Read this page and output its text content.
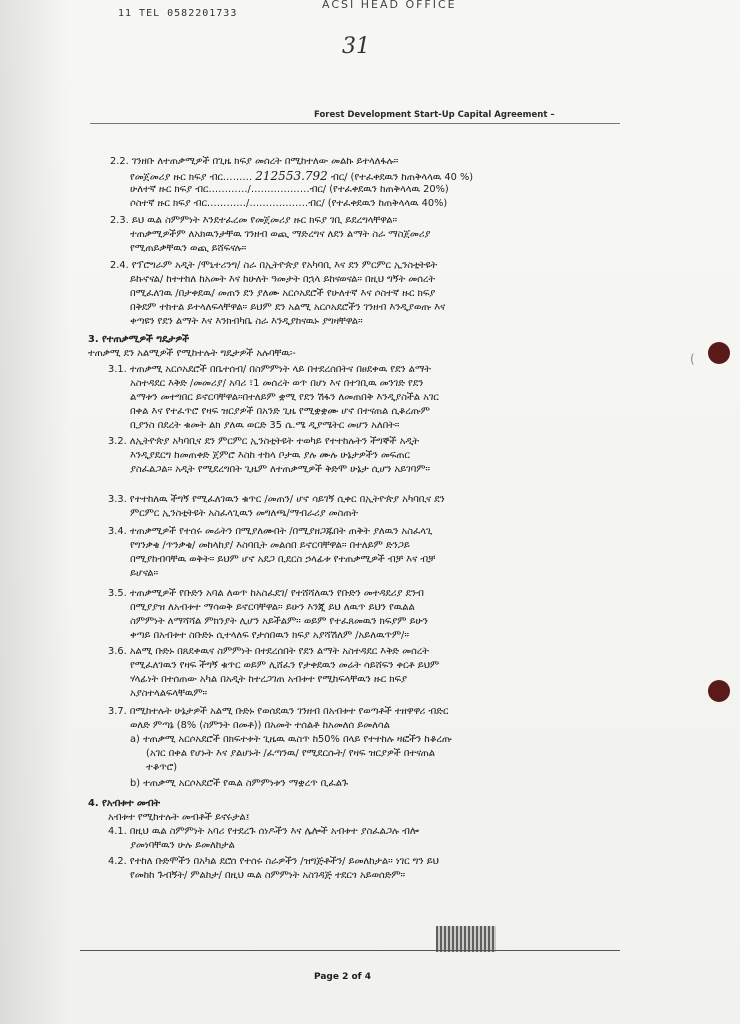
11 TEL 0582201733
ACSI HEAD OFFICE
31
Forest Development Start-Up Capital Agreement –
(
2.2. ገንዘቡ ለተጠቃሚዎች በጊዜ ክፍያ መሰረት በሚከተለው መልኩ ይተላለፋሉ።
የመጀመሪያ ዙር ክፍያ ብር……… 212553.792 ብር/ (የተፈቀደዉን ከጠቅላላዉ 40 %)
ሁለተኛ ዙር ክፍያ ብር…………/………………ብር/ (የተፈቀደዉን ከጠቅላላዉ 20%)
ሶስተኛ ዙር ክፍያ ብር…………/………………ብር/ (የተፈቀደዉን ከጠቅላላዉ 40%)
2.3. ይህ ዉል ስምምነት እንደተፈረመ የመጀመሪያ ዙር ክፍያ ገቢ ይደረግላቸዋል።
ተጠቃሚዎችም ለአክዉንታቸዉ ገንዘብ ወጪ ማድረግና ለደን ልማት ስራ ማስጀመሪያ
የሚጠይቃቸዉን ወጪ ይሸፍናሉ።
2.4. የፕሮግራም አዲት /ሞኒተሪንግ/ ስራ በኢትዮጵያ የአካባቢ እና ደን ምርምር ኢንስቲትዩት
ይኩኖናል/ ከተተከለ ከአመት እና ከሁለት ዓመታት በኋላ ይከናወናል። በዚህ ግኝት መሰረት
በሚፈለገዉ /በታቀደዉ/ መጠን ደን ያለሙ አርሶአደሮች የሁለተኛ እና ሶስተኛ ዙር ክፍያ
በቅደም ተከተል ይተላለፍላቸዋል። ይህም ደን አልሚ አርሶአደሮችን ገንዘብ እንዲያወጡ እና
ቀጣዩን የደን ልማት እና እንክብካቤ ስራ እንዲያከናዉኑ ያግዛቸዋል።
3. የተጠቃሚዎች ግዴታዎች
ተጠቃሚ ደን አልሚዎች የሚከተሉት ግዴታዎች አሉባቸዉ፡-
3.1. ተጠቃሚ አርሶአደሮች በቤተሰብ/ በስምምነት ላይ በተደረሰበትና በፀደቀዉ የደን ልማት
አስተዳደር እቅድ /መመሪያ/ አባሪ ፣1 መሰረት ወጥ በሆነ እና በተገቢዉ መንገድ የደን
ልማቱን መተግበር ይኖርባቸዋል።በተለይም ቋሚ የደን ሽፋን ለመጠበቅ እንዲያስችል አገር
በቀል እና የተፈጥሮ የዛፍ ዝርያዎች በአንድ ጊዜ የሚቋቋሙ ሆኖ በተናጠል ሲቆረጡም
ቢያንስ በደረት ቁመት ልክ ያለዉ ወርድ 35 ሴ.ሜ ዲያሜትር መሆን አለበት።
3.2. ለኢትዮጵያ አካባቢና ደን ምርምር ኢንስቲትዩት ተወካይ የተተከሉትን ችግኞች አዲት
እንዲያደርግ ከመጠቀድ ጀምሮ እስከ ተከላ ቦታዉ ያሉ ሙሉ ሁኔታዎችን መፍጠር
ያስፈልጋል። አዲት የሚደረግበት ጊዜም ለተጠቃሚዎች ቅድሞ ሁኔታ ሲሆን አይገባም።
3.3. የተተከለዉ ችግኝ የሚፈለገዉን ቁጥር /መጠን/ ሆኖ ሳይገኝ ሲቀር በኢትዮጵያ አካባቢና ደን
ምርምር ኢንስቲትዩት አስፈላጊዉን መግለጫ/ማብራሪያ መስጠት
3.4. ተጠቃሚዎች የተሰሩ መሬትን በሚያለሙበት /በሚያዘጋጁበት ጠቅት ያለዉን አስፈላጊ
የግንቃቄ /ጥንቃቄ/ መከላከያ/ እስባቢት መልሰበ ይኖርባቸዋል። በተለይም ድንጋይ
በሚያከብባቸዉ ወቅት። ይህም ሆኖ አደጋ ቢደርስ ኃላፊቱ የተጠቃሚዎች ብቻ እና ብቻ
ይሆናል።
3.5. ተጠቃሚዎች የቡድን አባል ለወጥ ከአስፈደገ/ የተሸሻለዉን የቡድን መተዳደሪያ ደንብ
በሚያያዝ ለአብቱተ ማሳወቅ ይኖርባቸዋል። ይሁን እንጂ ይህ ለዉጥ ይህን የዉልል
ስምምነት ለማሻሻል ምክንያት ሊሆን አይችልም። ወይም የተፈጸመዉን ክፍያም ይሁን
ቀጣይ በአብቱተ ስቡድኑ ሲተላለፍ የታሰበዉን ክፍያ አያሻሽለም /አይለዉጥም/።
3.6. አልሚ ቡድኑ በጸደቀዉና ስምምነት በተደረሰበት የደን ልማት አስተዳደር እቅድ መሰረት
የሚፈለገዉን የዛፍ ችግኝ ቁጥር ወይም ሊሸፈን የታቀደዉን መሬት ሳይሸፍን ቀርቶ ይህም
ሃላፊነት በተሰጠው አካል በአዲት ከተረጋገጠ አብቱተ የሚከፍላቸዉን ዙር ክፍያ
አያስተላልፍላቸዉም።
3.7. በሚከተሉት ሁኔታዎች አልሚ ቡድኑ የወሰደዉን ገንዘብ በአብቱተ የወጣቶች ተዘዋዋሪ ብድር
ወለድ ምጣኔ (8% (ስምንት በመቶ)) በአመት ተሰልቶ ከአመለሰ ይመለሳል
a) ተጠቃሚ አርሶአደሮች በክፍተቱት ጊዜዉ ዉስጥ ከ50% በላይ የተተከሉ ዛፎችን ከቆረጡ
(አገር በቀል የሆኑት እና ያልሆኑት /ፈጣንዉ/ የሚደርሱት/ የዛፍ ዝርያዎች በተናጠል
ተቆጥሮ)
b) ተጠቃሚ አርሶአደሮች የዉል ስምምነቱን ማቋረጥ ቢፈልጉ
4. የአብቱተ መብት
አብቱተ የሚከተሉት መብቶች ይኖሩታል፤
4.1. በዚህ ዉል ስምምነት አባሪ የተደረጉ ሰነዶችን እና ሌሎች አብቱተ ያስፈልጋሉ ብሎ
ያመነባቸዉን ሁሉ ይመለከታል
4.2. የተከለ ቡድሞችን በአካል ደሮሰ የተሰሩ ስራዎችን /ዝግጅቶችን/ ይመለከታል። ነገር ግን ይህ
የመከከ ጉብኝት/ ምልከታ/ በዚህ ዉል ስምምነት አስገዳጅ ተደርጎ አይወሰድም።
Page 2 of 4
